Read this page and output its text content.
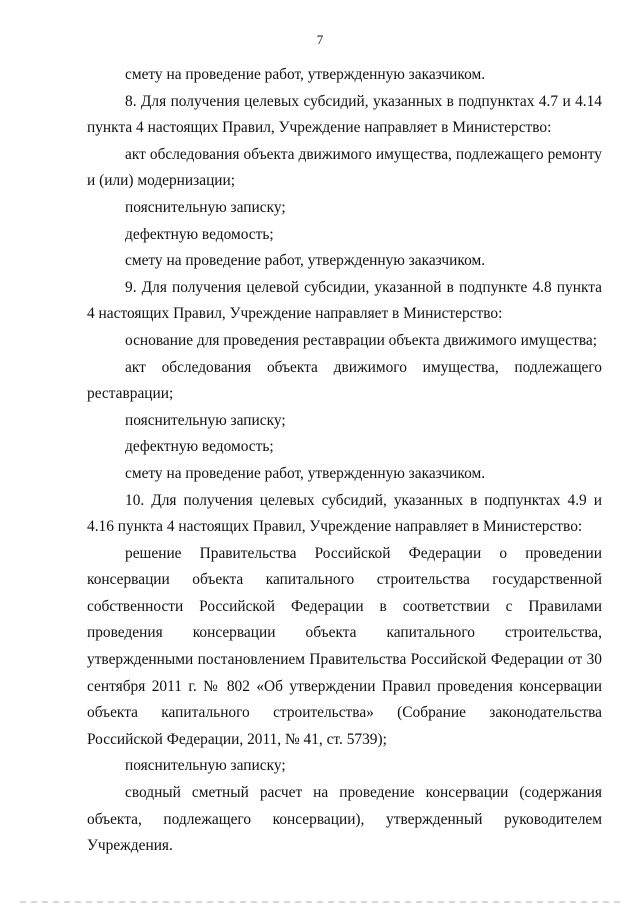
7

смету на проведение работ, утвержденную заказчиком.

8. Для получения целевых субсидий, указанных в подпунктах 4.7 и 4.14 пункта 4 настоящих Правил, Учреждение направляет в Министерство:

акт обследования объекта движимого имущества, подлежащего ремонту и (или) модернизации;

пояснительную записку;

дефектную ведомость;

смету на проведение работ, утвержденную заказчиком.

9. Для получения целевой субсидии, указанной в подпункте 4.8 пункта 4 настоящих Правил, Учреждение направляет в Министерство:

основание для проведения реставрации объекта движимого имущества;

акт обследования объекта движимого имущества, подлежащего реставрации;

пояснительную записку;

дефектную ведомость;

смету на проведение работ, утвержденную заказчиком.

10. Для получения целевых субсидий, указанных в подпунктах 4.9 и 4.16 пункта 4 настоящих Правил, Учреждение направляет в Министерство:

решение Правительства Российской Федерации о проведении консервации объекта капитального строительства государственной собственности Российской Федерации в соответствии с Правилами проведения консервации объекта капитального строительства, утвержденными постановлением Правительства Российской Федерации от 30 сентября 2011 г. № 802 «Об утверждении Правил проведения консервации объекта капитального строительства» (Собрание законодательства Российской Федерации, 2011, № 41, ст. 5739);

пояснительную записку;

сводный сметный расчет на проведение консервации (содержания объекта, подлежащего консервации), утвержденный руководителем Учреждения.
